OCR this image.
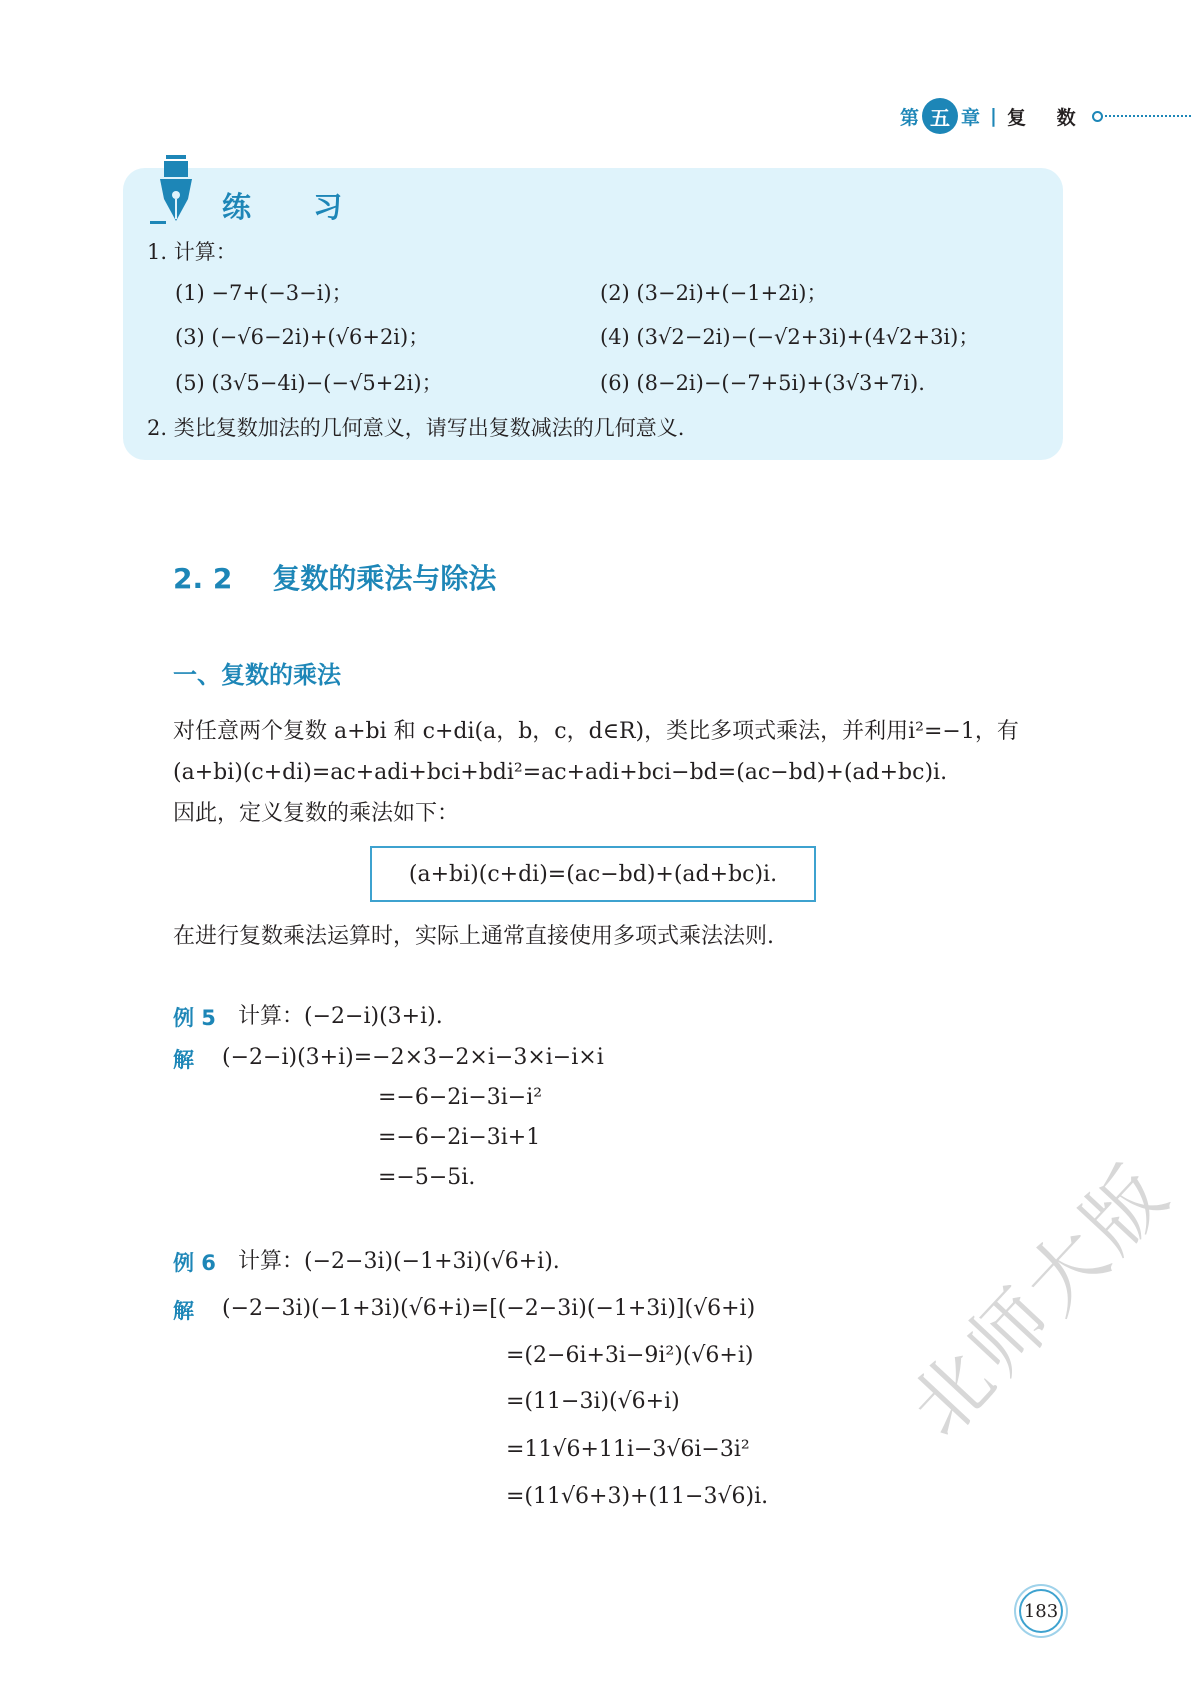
第 五 章 | 复 数
练 习
1. 计算：
(1) −7+(−3−i)；	(2) (3−2i)+(−1+2i)；
(3) (−√6−2i)+(√6+2i)；	(4) (3√2−2i)−(−√2+3i)+(4√2+3i)；
(5) (3√5−4i)−(−√5+2i)；	(6) (8−2i)−(−7+5i)+(3√3+7i).
2. 类比复数加法的几何意义，请写出复数减法的几何意义.
2. 2 复数的乘法与除法
一、复数的乘法
对任意两个复数 a+bi 和 c+di(a，b，c，d∈R)，类比多项式乘法，并利用i²=−1，有
(a+bi)(c+di)=ac+adi+bci+bdi²=ac+adi+bci−bd=(ac−bd)+(ad+bc)i.
因此，定义复数的乘法如下：
(a+bi)(c+di)=(ac−bd)+(ad+bc)i.
在进行复数乘法运算时，实际上通常直接使用多项式乘法法则.
例 5 计算：(−2−i)(3+i).
解 (−2−i)(3+i)=−2×3−2×i−3×i−i×i
=−6−2i−3i−i²
=−6−2i−3i+1
=−5−5i.
例 6 计算：(−2−3i)(−1+3i)(√6+i).
解 (−2−3i)(−1+3i)(√6+i)=[(−2−3i)(−1+3i)](√6+i)
=(2−6i+3i−9i²)(√6+i)
=(11−3i)(√6+i)
=11√6+11i−3√6i−3i²
=(11√6+3)+(11−3√6)i.
北师大版
183
